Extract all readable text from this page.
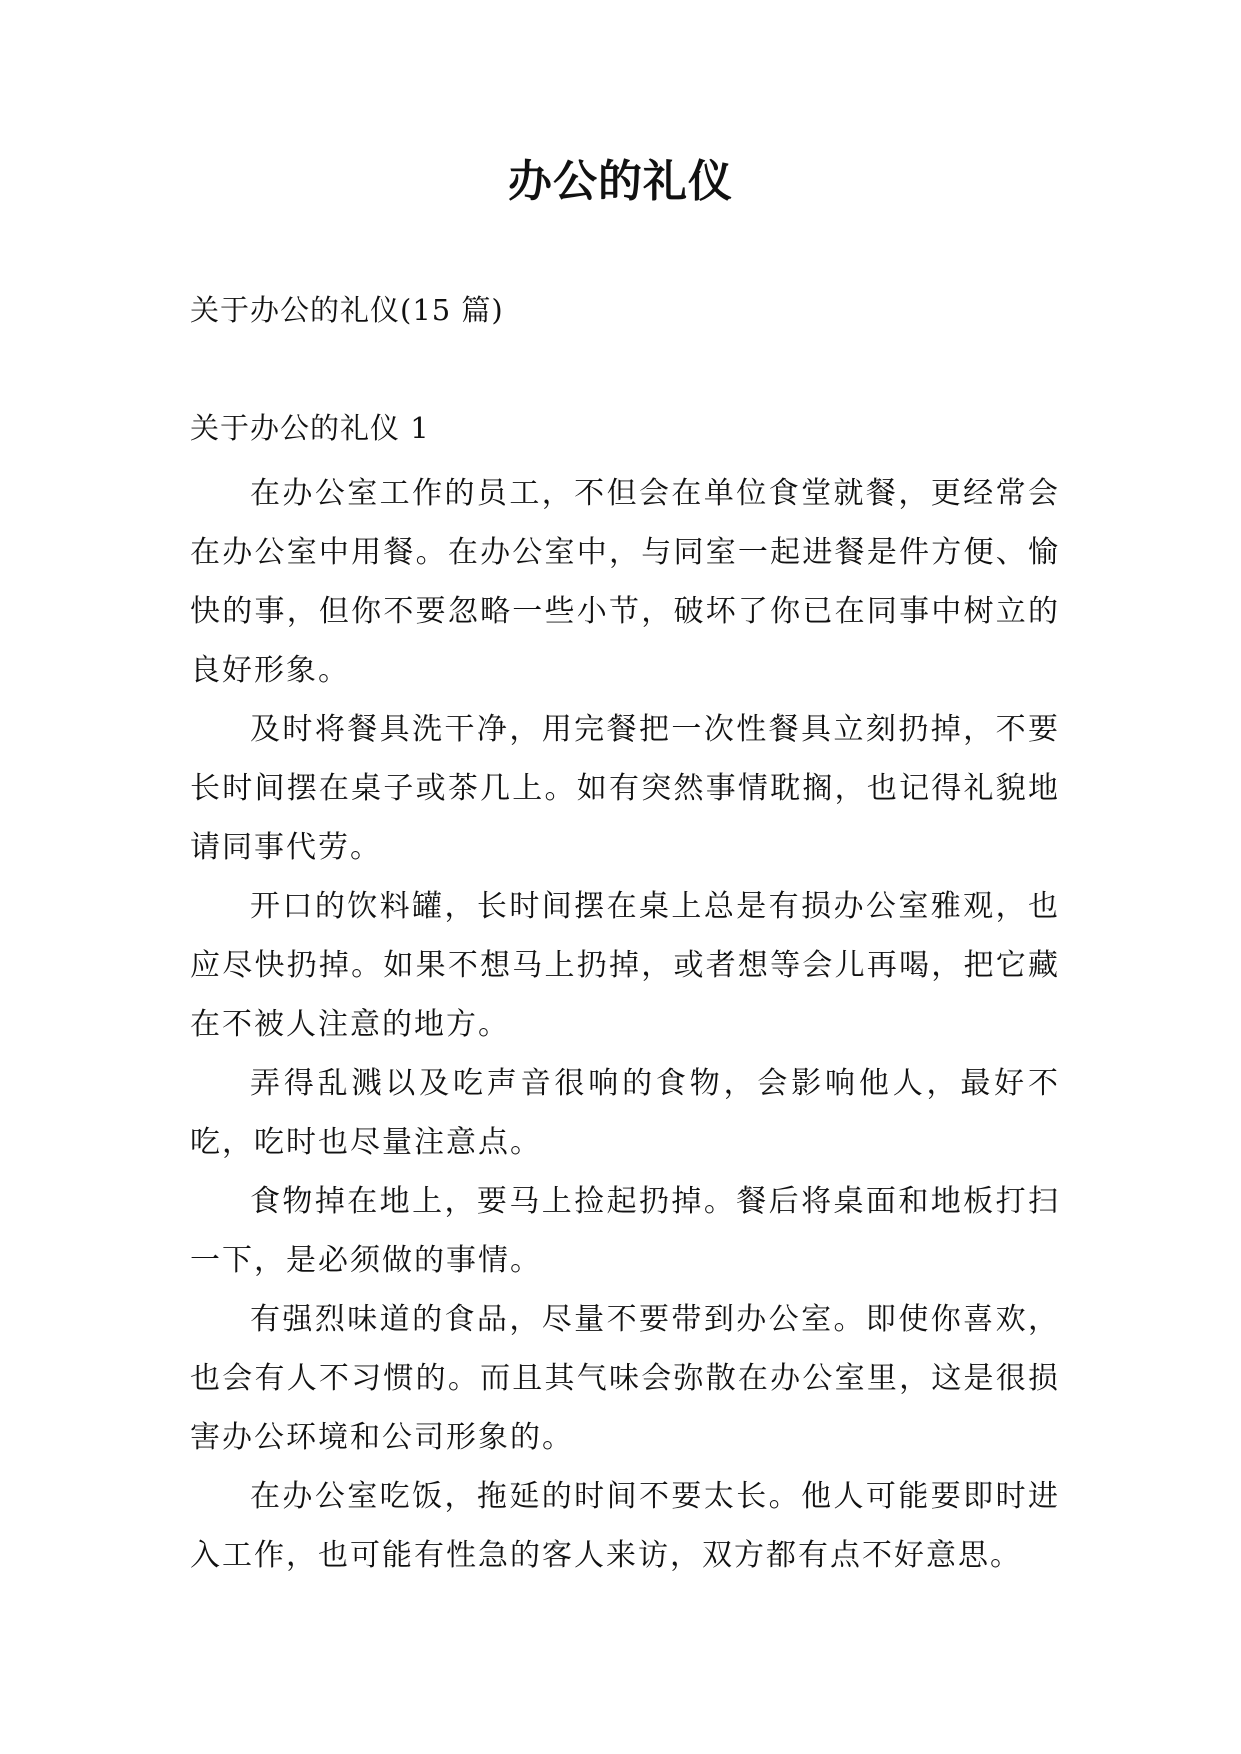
办公的礼仪
关于办公的礼仪(15 篇)
关于办公的礼仪 1

在办公室工作的员工，不但会在单位食堂就餐，更经常会在办公室中用餐。在办公室中，与同室一起进餐是件方便、愉快的事，但你不要忽略一些小节，破坏了你已在同事中树立的良好形象。

及时将餐具洗干净，用完餐把一次性餐具立刻扔掉，不要长时间摆在桌子或茶几上。如有突然事情耽搁，也记得礼貌地请同事代劳。

开口的饮料罐，长时间摆在桌上总是有损办公室雅观，也应尽快扔掉。如果不想马上扔掉，或者想等会儿再喝，把它藏在不被人注意的地方。

弄得乱溅以及吃声音很响的食物，会影响他人，最好不吃，吃时也尽量注意点。

食物掉在地上，要马上捡起扔掉。餐后将桌面和地板打扫一下，是必须做的事情。

有强烈味道的食品，尽量不要带到办公室。即使你喜欢，也会有人不习惯的。而且其气味会弥散在办公室里，这是很损害办公环境和公司形象的。

在办公室吃饭，拖延的时间不要太长。他人可能要即时进入工作，也可能有性急的客人来访，双方都有点不好意思。
